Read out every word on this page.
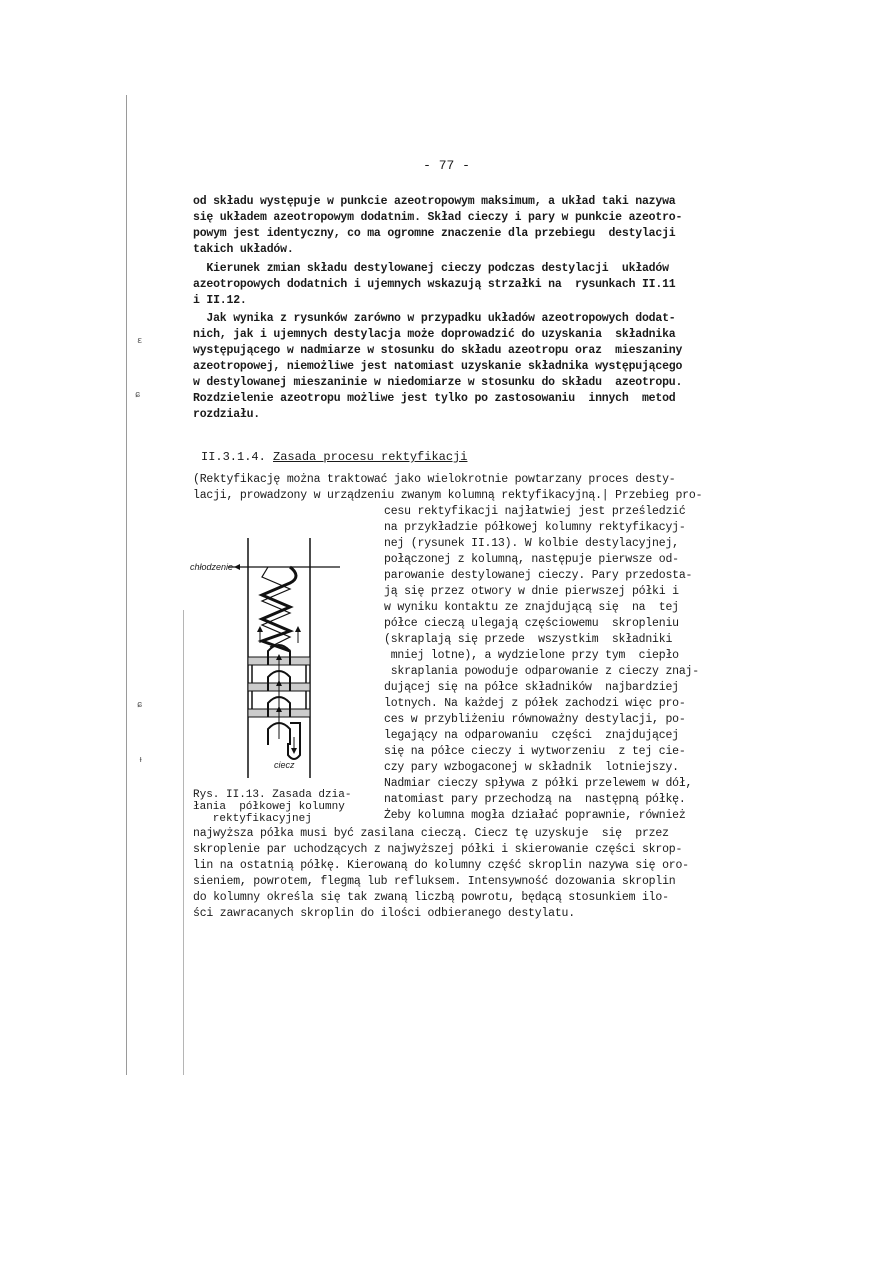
ɛ
ɕ
ɕ
ᵼ
- 77 -
od składu występuje w punkcie azeotropowym maksimum, a układ taki nazywa
się układem azeotropowym dodatnim. Skład cieczy i pary w punkcie azeotro-
powym jest identyczny, co ma ogromne znaczenie dla przebiegu  destylacji
takich układów.
Kierunek zmian składu destylowanej cieczy podczas destylacji  układów
azeotropowych dodatnich i ujemnych wskazują strzałki na  rysunkach II.11
i II.12.
Jak wynika z rysunków zarówno w przypadku układów azeotropowych dodat-
nich, jak i ujemnych destylacja może doprowadzić do uzyskania  składnika
występującego w nadmiarze w stosunku do składu azeotropu oraz  mieszaniny
azeotropowej, niemożliwe jest natomiast uzyskanie składnika występującego
w destylowanej mieszaninie w niedomiarze w stosunku do składu  azeotropu.
Rozdzielenie azeotropu możliwe jest tylko po zastosowaniu  innych  metod
rozdziału.
II.3.1.4. Zasada procesu rektyfikacji
(Rektyfikację można traktować jako wielokrotnie powtarzany proces desty-
lacji, prowadzony w urządzeniu zwanym kolumną rektyfikacyjną.| Przebieg pro-
cesu rektyfikacji najłatwiej jest prześledzić
na przykładzie półkowej kolumny rektyfikacyj-
nej (rysunek II.13). W kolbie destylacyjnej,
połączonej z kolumną, następuje pierwsze od-
parowanie destylowanej cieczy. Pary przedosta-
ją się przez otwory w dnie pierwszej półki i
w wyniku kontaktu ze znajdującą się  na  tej
półce cieczą ulegają częściowemu  skropleniu
(skraplają się przede  wszystkim  składniki
mniej lotne), a wydzielone przy tym  ciepło
skraplania powoduje odparowanie z cieczy znaj-
dującej się na półce składników  najbardziej
lotnych. Na każdej z półek zachodzi więc pro-
ces w przybliżeniu równoważny destylacji, po-
legający na odparowaniu  części  znajdującej
się na półce cieczy i wytworzeniu  z tej cie-
czy pary wzbogaconej w składnik  lotniejszy.
Nadmiar cieczy spływa z półki przelewem w dół,
natomiast pary przechodzą na  następną półkę.
Żeby kolumna mogła działać poprawnie, również
najwyższa półka musi być zasilana cieczą. Ciecz tę uzyskuje  się  przez
skroplenie par uchodzących z najwyższej półki i skierowanie części skrop-
lin na ostatnią półkę. Kierowaną do kolumny część skroplin nazywa się oro-
sieniem, powrotem, flegmą lub refluksem. Intensywność dozowania skroplin
do kolumny określa się tak zwaną liczbą powrotu, będącą stosunkiem ilo-
ści zawracanych skroplin do ilości odbieranego destylatu.
chłodzenie
ciecz
Rys. II.13. Zasada dzia-
łania  półkowej kolumny
rektyfikacyjnej
